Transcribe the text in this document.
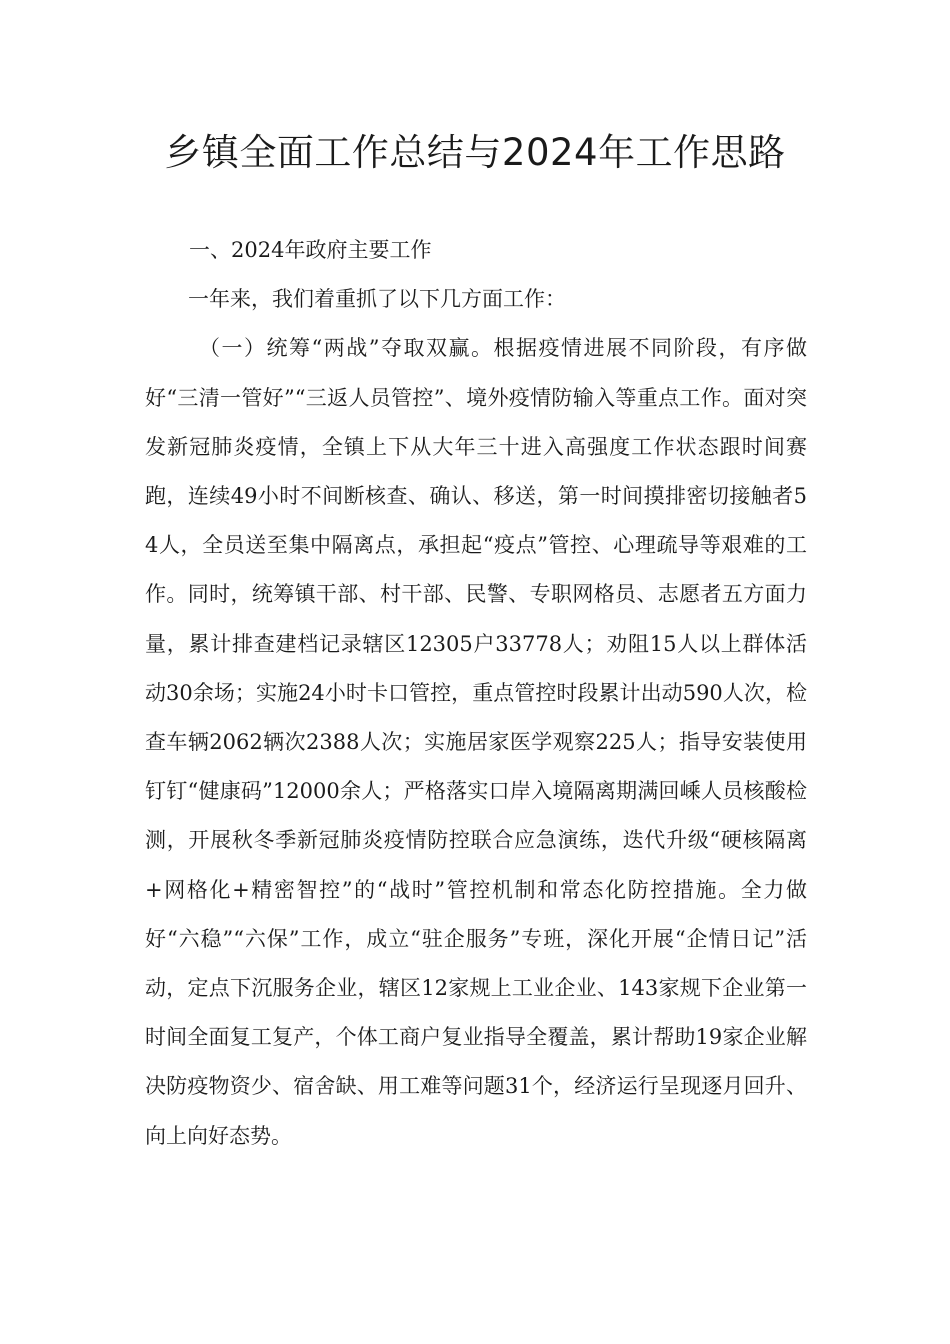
乡镇全面工作总结与2024年工作思路

一、2024年政府主要工作

一年来，我们着重抓了以下几方面工作：

（一）统筹“两战”夺取双赢。根据疫情进展不同阶段，有序做好“三清一管好”“三返人员管控”、境外疫情防输入等重点工作。面对突发新冠肺炎疫情，全镇上下从大年三十进入高强度工作状态跟时间赛跑，连续49小时不间断核查、确认、移送，第一时间摸排密切接触者54人，全员送至集中隔离点，承担起“疫点”管控、心理疏导等艰难的工作。同时，统筹镇干部、村干部、民警、专职网格员、志愿者五方面力量，累计排查建档记录辖区12305户33778人；劝阻15人以上群体活动30余场；实施24小时卡口管控，重点管控时段累计出动590人次，检查车辆2062辆次2388人次；实施居家医学观察225人；指导安装使用钉钉“健康码”12000余人；严格落实口岸入境隔离期满回嵊人员核酸检测，开展秋冬季新冠肺炎疫情防控联合应急演练，迭代升级“硬核隔离+网格化+精密智控”的“战时”管控机制和常态化防控措施。全力做好“六稳”“六保”工作，成立“驻企服务”专班，深化开展“企情日记”活动，定点下沉服务企业，辖区12家规上工业企业、143家规下企业第一时间全面复工复产，个体工商户复业指导全覆盖，累计帮助19家企业解决防疫物资少、宿舍缺、用工难等问题31个，经济运行呈现逐月回升、向上向好态势。
